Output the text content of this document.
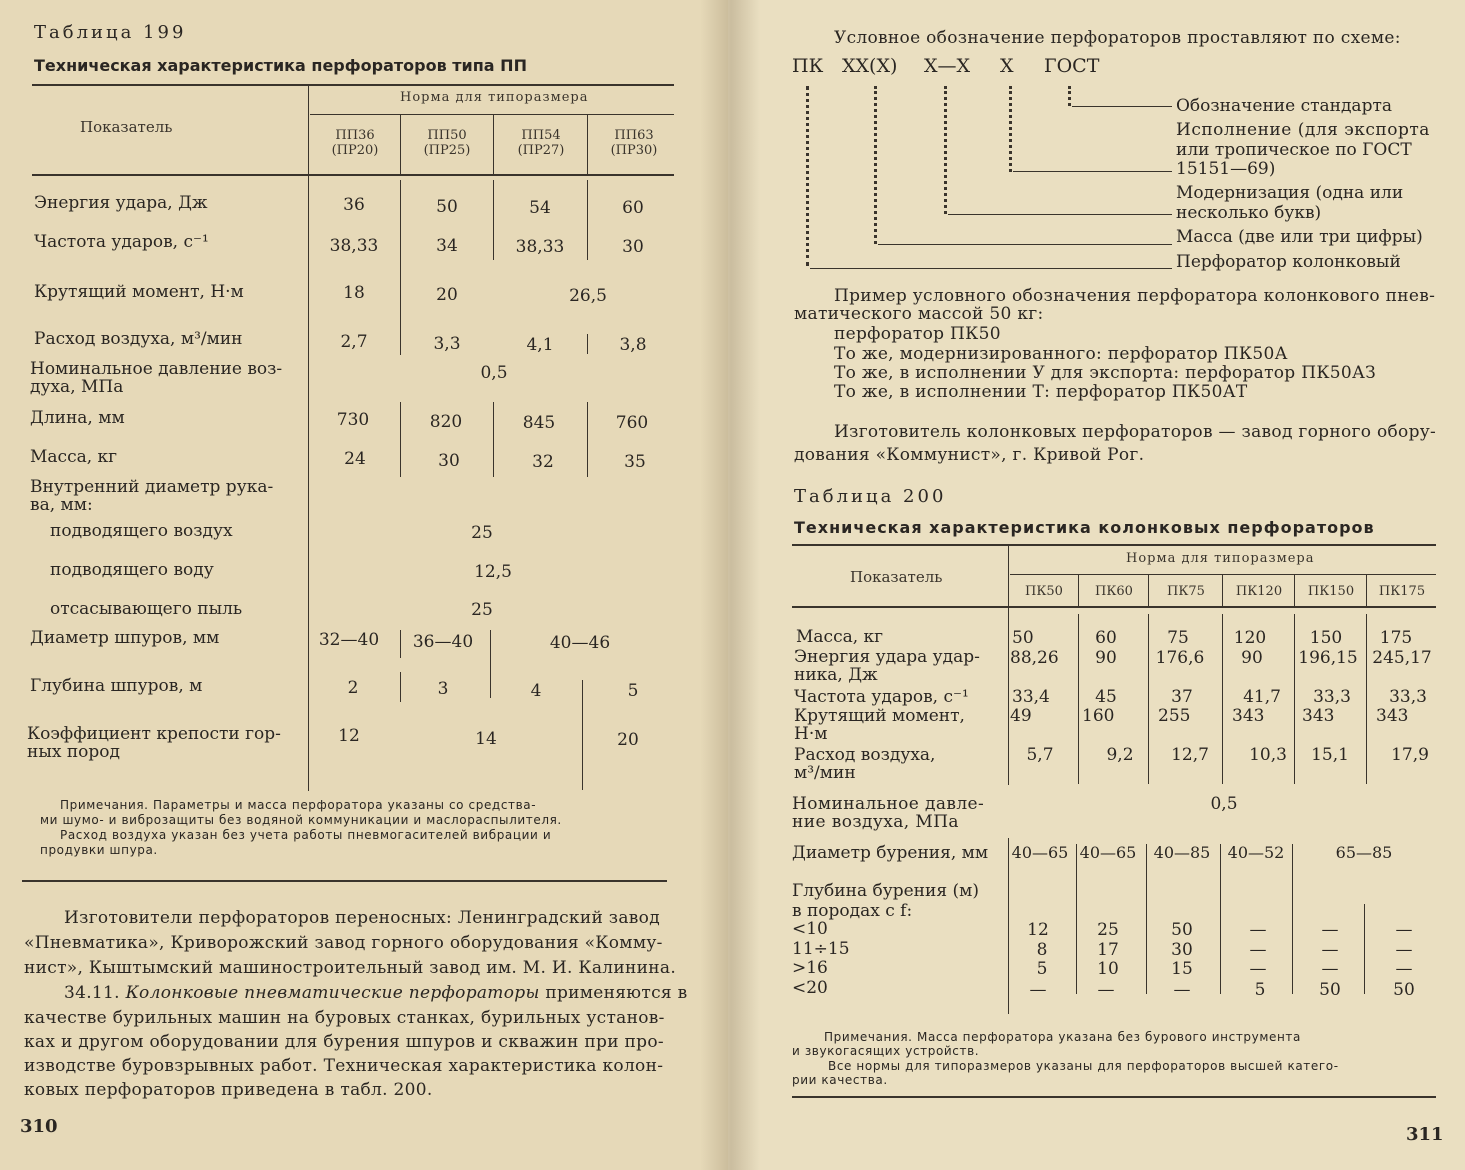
Таблица 199
Техническая характеристика перфораторов типа ПП
Показатель
Норма для типоразмера
ПП36
(ПР20)
ПП50
(ПР25)
ПП54
(ПР27)
ПП63
(ПР30)
Энергия удара, Дж	36	50	54	60
Частота ударов, с⁻¹	38,33	34	38,33	30
Крутящий момент, Н·м	18	20	26,5
Расход воздуха, м³/мин	2,7	3,3	4,1	3,8
Номинальное давление воз-
духа, МПа
0,5
Длина, мм	730	820	845	760
Масса, кг	24	30	32	35
Внутренний диаметр рука-
ва, мм:
подводящего воздух	25
подводящего воду	12,5
отсасывающего пыль	25
Диаметр шпуров, мм	32—40 36—40	40—46
Глубина шпуров, м	2	3	4	5
Коэффициент крепости гор-
ных пород
12	14	20
Примечания. Параметры и масса перфоратора указаны со средства-
ми шумо- и виброзащиты без водяной коммуникации и маслораспылителя.
Расход воздуха указан без учета работы пневмогасителей вибрации и
продувки шпура.
Изготовители перфораторов переносных: Ленинградский завод
«Пневматика», Криворожский завод горного оборудования «Комму-
нист», Кыштымский машиностроительный завод им. М. И. Калинина.
34.11. Колонковые пневматические перфораторы применяются в
качестве бурильных машин на буровых станках, бурильных установ-
ках и другом оборудовании для бурения шпуров и скважин при про-
изводстве буровзрывных работ. Техническая характеристика колон-
ковых перфораторов приведена в табл. 200.
310
Условное обозначение перфораторов проставляют по схеме:
ПК XX(X) X—X X ГОСТ
Обозначение стандарта
Исполнение (для экспорта
или тропическое по ГОСТ
15151—69)
Модернизация (одна или
несколько букв)
Масса (две или три цифры)
Перфоратор колонковый
Пример условного обозначения перфоратора колонкового пнев-
матического массой 50 кг:
перфоратор ПК50
То же, модернизированного: перфоратор ПК50А
То же, в исполнении У для экспорта: перфоратор ПК50АЗ
То же, в исполнении Т: перфоратор ПК50АТ
Изготовитель колонковых перфораторов — завод горного обору-
дования «Коммунист», г. Кривой Рог.
Таблица 200
Техническая характеристика колонковых перфораторов
Показатель
Норма для типоразмера
ПК50	ПК60	ПК75	ПК120	ПК150	ПК175
Масса, кг	50	60	75	120	150 175
Энергия удара удар-
ника, Дж
88,26 90 176,6 90 196,15 245,17
Частота ударов, с⁻¹	33,4	45	37	41,7 33,3 33,3
Крутящий момент,
Н·м
49	160	255 343 343 343
Расход воздуха,
м³/мин
5,7	9,2 12,7 10,3 15,1 17,9
Номинальное давле-
ние воздуха, МПа
0,5
Диаметр бурения, мм 40—65 40—65 40—85 40—52	65—85
Глубина бурения (м)
в породах с f:
<10	12	25	50	—	—	—
11÷15	8	17	30	—	—	—
>16	5	10	15	—	—	—
<20	—	—	—	5	50	50
Примечания. Масса перфоратора указана без бурового инструмента
и звукогасящих устройств.
Все нормы для типоразмеров указаны для перфораторов высшей катего-
рии качества.
311
